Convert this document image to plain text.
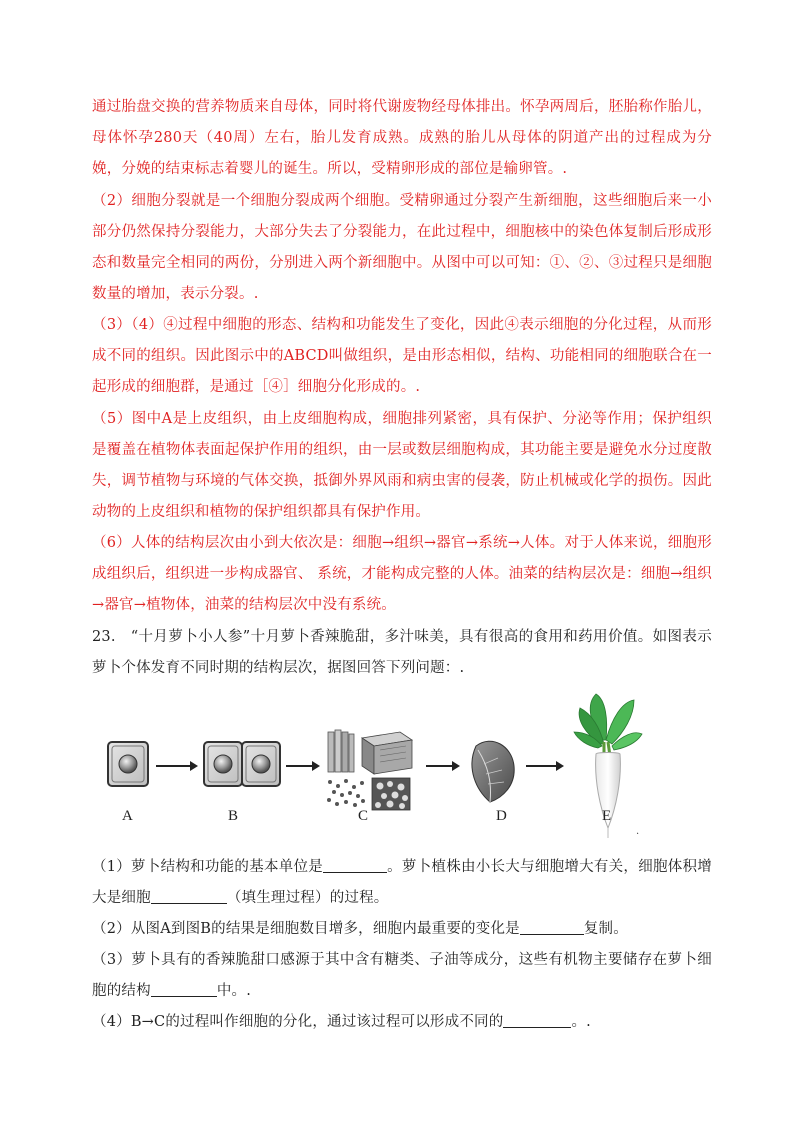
通过胎盘交换的营养物质来自母体，同时将代谢废物经母体排出。怀孕两周后，胚胎称作胎儿，母体怀孕280天（40周）左右，胎儿发育成熟。成熟的胎儿从母体的阴道产出的过程成为分娩，分娩的结束标志着婴儿的诞生。所以，受精卵形成的部位是输卵管。.
（2）细胞分裂就是一个细胞分裂成两个细胞。受精卵通过分裂产生新细胞，这些细胞后来一小部分仍然保持分裂能力，大部分失去了分裂能力，在此过程中，细胞核中的染色体复制后形成形态和数量完全相同的两份，分别进入两个新细胞中。从图中可以可知：①、②、③过程只是细胞数量的增加，表示分裂。.
（3）（4）④过程中细胞的形态、结构和功能发生了变化，因此④表示细胞的分化过程，从而形成不同的组织。因此图示中的ABCD叫做组织，是由形态相似，结构、功能相同的细胞联合在一起形成的细胞群，是通过［④］细胞分化形成的。.
（5）图中A是上皮组织，由上皮细胞构成，细胞排列紧密，具有保护、分泌等作用；保护组织是覆盖在植物体表面起保护作用的组织，由一层或数层细胞构成，其功能主要是避免水分过度散失，调节植物与环境的气体交换，抵御外界风雨和病虫害的侵袭，防止机械或化学的损伤。因此动物的上皮组织和植物的保护组织都具有保护作用。
（6）人体的结构层次由小到大依次是：细胞→组织→器官→系统→人体。对于人体来说，细胞形成组织后，组织进一步构成器官、 系统，才能构成完整的人体。油菜的结构层次是：细胞→组织→器官→植物体，油菜的结构层次中没有系统。
23.　“十月萝卜小人参”十月萝卜香辣脆甜，多汁味美，具有很高的食用和药用价值。如图表示萝卜个体发育不同时期的结构层次，据图回答下列问题：.
A	B	C	D	E
.
（1）萝卜结构和功能的基本单位是	。萝卜植株由小长大与细胞增大有关，细胞体积增大是细胞	（填生理过程）的过程。
（2）从图A到图B的结果是细胞数目增多，细胞内最重要的变化是	复制。
（3）萝卜具有的香辣脆甜口感源于其中含有糖类、子油等成分，这些有机物主要储存在萝卜细胞的结构	中。.
（4）B→C的过程叫作细胞的分化，通过该过程可以形成不同的	。.
